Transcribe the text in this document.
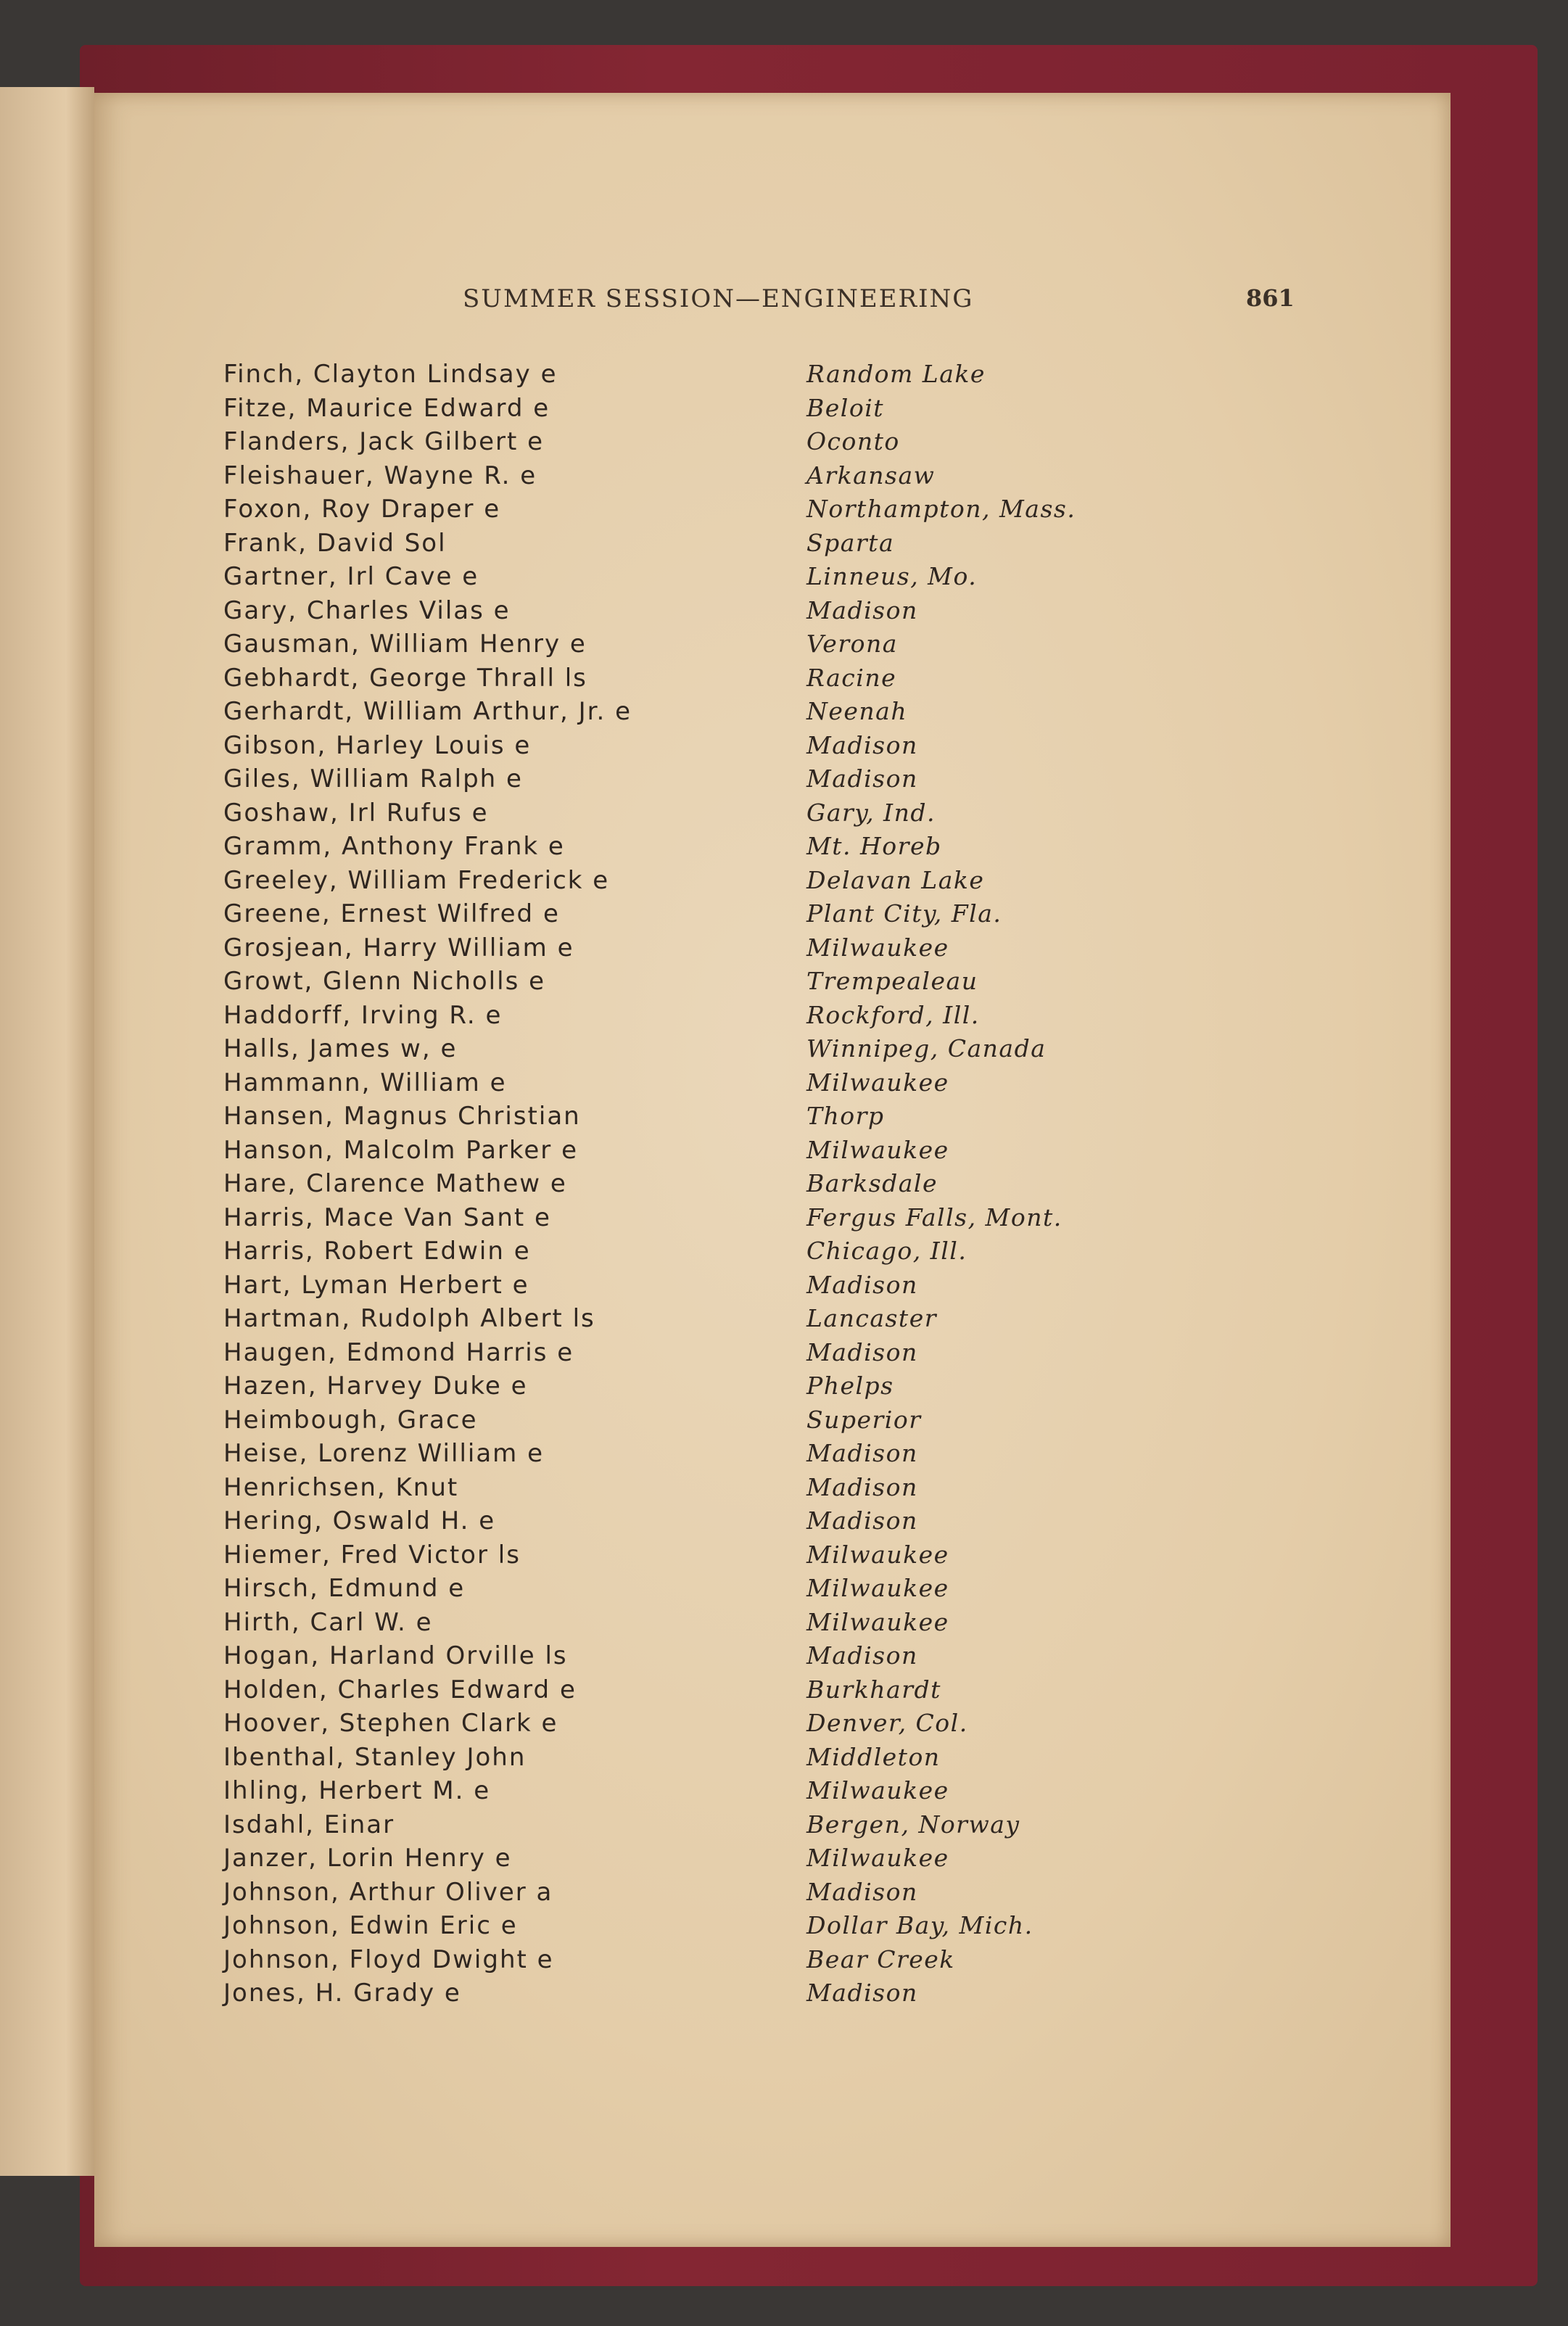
SUMMER SESSION—ENGINEERING	861
Finch, Clayton Lindsay e	Random Lake
Fitze, Maurice Edward e	Beloit
Flanders, Jack Gilbert e	Oconto
Fleishauer, Wayne R. e	Arkansaw
Foxon, Roy Draper e	Northampton, Mass.
Frank, David Sol	Sparta
Gartner, Irl Cave e	Linneus, Mo.
Gary, Charles Vilas e	Madison
Gausman, William Henry e	Verona
Gebhardt, George Thrall ls	Racine
Gerhardt, William Arthur, Jr. e	Neenah
Gibson, Harley Louis e	Madison
Giles, William Ralph e	Madison
Goshaw, Irl Rufus e	Gary, Ind.
Gramm, Anthony Frank e	Mt. Horeb
Greeley, William Frederick e	Delavan Lake
Greene, Ernest Wilfred e	Plant City, Fla.
Grosjean, Harry William e	Milwaukee
Growt, Glenn Nicholls e	Trempealeau
Haddorff, Irving R. e	Rockford, Ill.
Halls, James w, e	Winnipeg, Canada
Hammann, William e	Milwaukee
Hansen, Magnus Christian	Thorp
Hanson, Malcolm Parker e	Milwaukee
Hare, Clarence Mathew e	Barksdale
Harris, Mace Van Sant e	Fergus Falls, Mont.
Harris, Robert Edwin e	Chicago, Ill.
Hart, Lyman Herbert e	Madison
Hartman, Rudolph Albert ls	Lancaster
Haugen, Edmond Harris e	Madison
Hazen, Harvey Duke e	Phelps
Heimbough, Grace	Superior
Heise, Lorenz William e	Madison
Henrichsen, Knut	Madison
Hering, Oswald H. e	Madison
Hiemer, Fred Victor ls	Milwaukee
Hirsch, Edmund e	Milwaukee
Hirth, Carl W. e	Milwaukee
Hogan, Harland Orville ls	Madison
Holden, Charles Edward e	Burkhardt
Hoover, Stephen Clark e	Denver, Col.
Ibenthal, Stanley John	Middleton
Ihling, Herbert M. e	Milwaukee
Isdahl, Einar	Bergen, Norway
Janzer, Lorin Henry e	Milwaukee
Johnson, Arthur Oliver a	Madison
Johnson, Edwin Eric e	Dollar Bay, Mich.
Johnson, Floyd Dwight e	Bear Creek
Jones, H. Grady e	Madison
